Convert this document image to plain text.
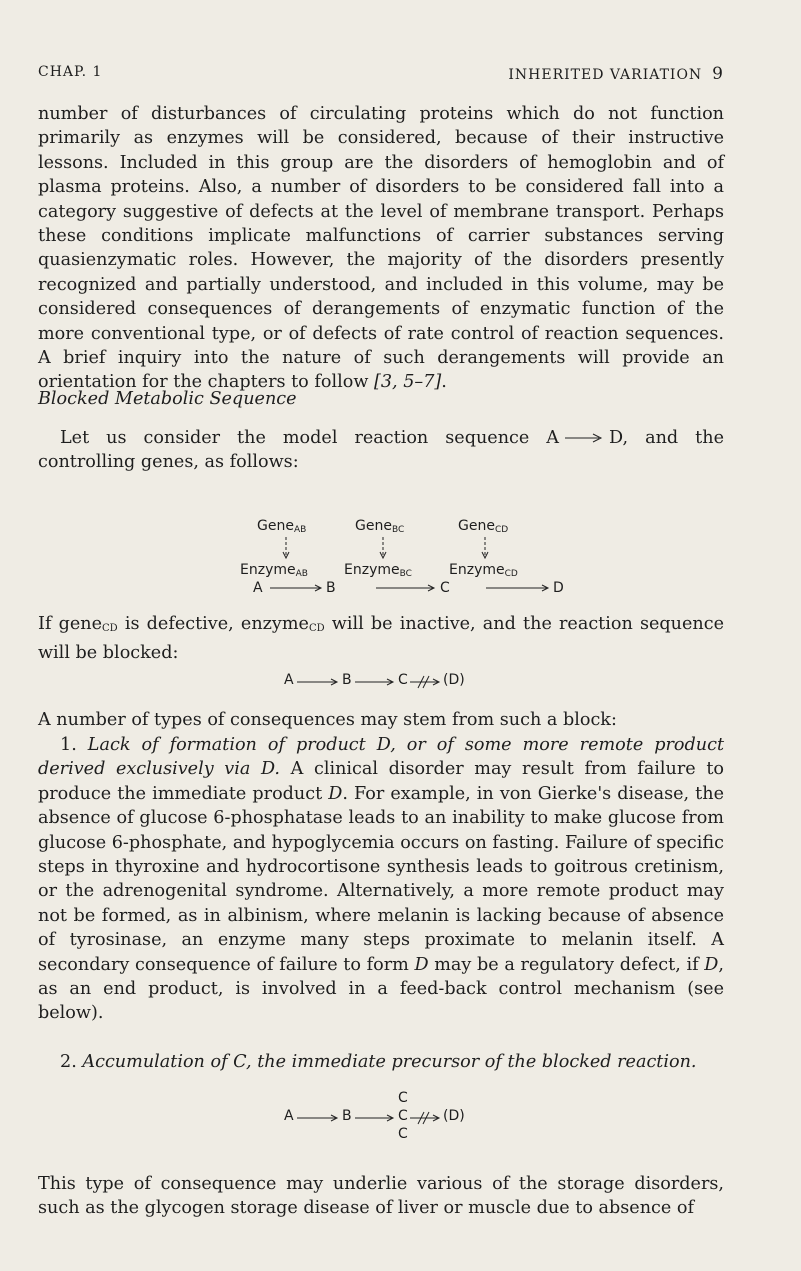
CHAP. 1	INHERITED VARIATION 9

number of disturbances of circulating proteins which do not function primarily as enzymes will be considered, because of their instructive lessons. Included in this group are the disorders of hemoglobin and of plasma proteins. Also, a number of disorders to be considered fall into a category suggestive of defects at the level of membrane transport. Perhaps these conditions implicate malfunctions of carrier substances serving quasienzymatic roles. However, the majority of the disorders presently recognized and partially understood, and included in this volume, may be considered consequences of derangements of enzymatic function of the more conventional type, or of defects of rate control of reaction sequences. A brief inquiry into the nature of such derangements will provide an orientation for the chapters to follow [3, 5–7].

Blocked Metabolic Sequence

Let us consider the model reaction sequence A	D, and the controlling genes, as follows:

GeneAB	GeneBC	GeneCD
EnzymeAB	EnzymeBC	EnzymeCD
A	B	C	D

If gene$_{CD}$ is defective, enzyme$_{CD}$ will be inactive, and the reaction sequence will be blocked:

A	B	C	(D)

A number of types of consequences may stem from such a block:

1. Lack of formation of product D, or of some more remote product derived exclusively via D. A clinical disorder may result from failure to produce the immediate product D. For example, in von Gierke's disease, the absence of glucose 6-phosphatase leads to an inability to make glucose from glucose 6-phosphate, and hypoglycemia occurs on fasting. Failure of specific steps in thyroxine and hydrocortisone synthesis leads to goitrous cretinism, or the adrenogenital syndrome. Alternatively, a more remote product may not be formed, as in albinism, where melanin is lacking because of absence of tyrosinase, an enzyme many steps proximate to melanin itself. A secondary consequence of failure to form D may be a regulatory defect, if D, as an end product, is involved in a feed-back control mechanism (see below).

2. Accumulation of C, the immediate precursor of the blocked reaction.

C
A	B	C	(D)
C

This type of consequence may underlie various of the storage disorders, such as the glycogen storage disease of liver or muscle due to absence of
